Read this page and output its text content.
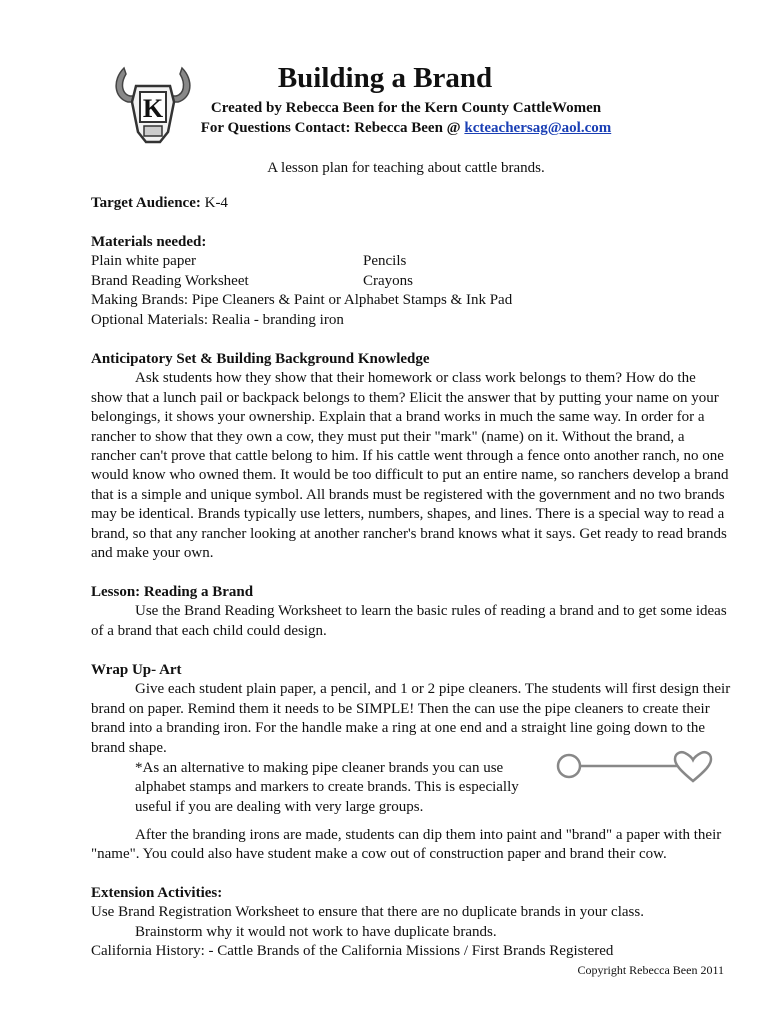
K
Building a Brand
Created by Rebecca Been for the Kern County CattleWomen
For Questions Contact: Rebecca Been @ kcteachersag@aol.com
A lesson plan for teaching about cattle brands.
Target Audience: K-4

Materials needed:

Plain white paper	Pencils
Brand Reading Worksheet	Crayons

Making Brands: Pipe Cleaners & Paint or Alphabet Stamps & Ink Pad

Optional Materials: Realia - branding iron

Anticipatory Set & Building Background Knowledge

Ask students how they show that their homework or class work belongs to them? How do the show that a lunch pail or backpack belongs to them? Elicit the answer that by putting your name on your belongings, it shows your ownership. Explain that a brand works in much the same way. In order for a rancher to show that they own a cow, they must put their "mark" (name) on it. Without the brand, a rancher can't prove that cattle belong to him. If his cattle went through a fence onto another ranch, no one would know who owned them. It would be too difficult to put an entire name, so ranchers develop a brand that is a simple and unique symbol. All brands must be registered with the government and no two brands may be identical. Brands typically use letters, numbers, shapes, and lines. There is a special way to read a brand, so that any rancher looking at another rancher's brand knows what it says. Get ready to read brands and make your own.

Lesson: Reading a Brand

Use the Brand Reading Worksheet to learn the basic rules of reading a brand and to get some ideas of a brand that each child could design.

Wrap Up- Art

Give each student plain paper, a pencil, and 1 or 2 pipe cleaners. The students will first design their brand on paper. Remind them it needs to be SIMPLE! Then the can use the pipe cleaners to create their brand into a branding iron. For the handle make a ring at one end and a straight line going down to the brand shape.

*As an alternative to making pipe cleaner brands you can use alphabet stamps and markers to create brands. This is especially useful if you are dealing with very large groups.

After the branding irons are made, students can dip them into paint and "brand" a paper with their "name". You could also have student make a cow out of construction paper and brand their cow.

Extension Activities:

Use Brand Registration Worksheet to ensure that there are no duplicate brands in your class.

Brainstorm why it would not work to have duplicate brands.

California History: - Cattle Brands of the California Missions / First Brands Registered

Copyright Rebecca Been 2011
